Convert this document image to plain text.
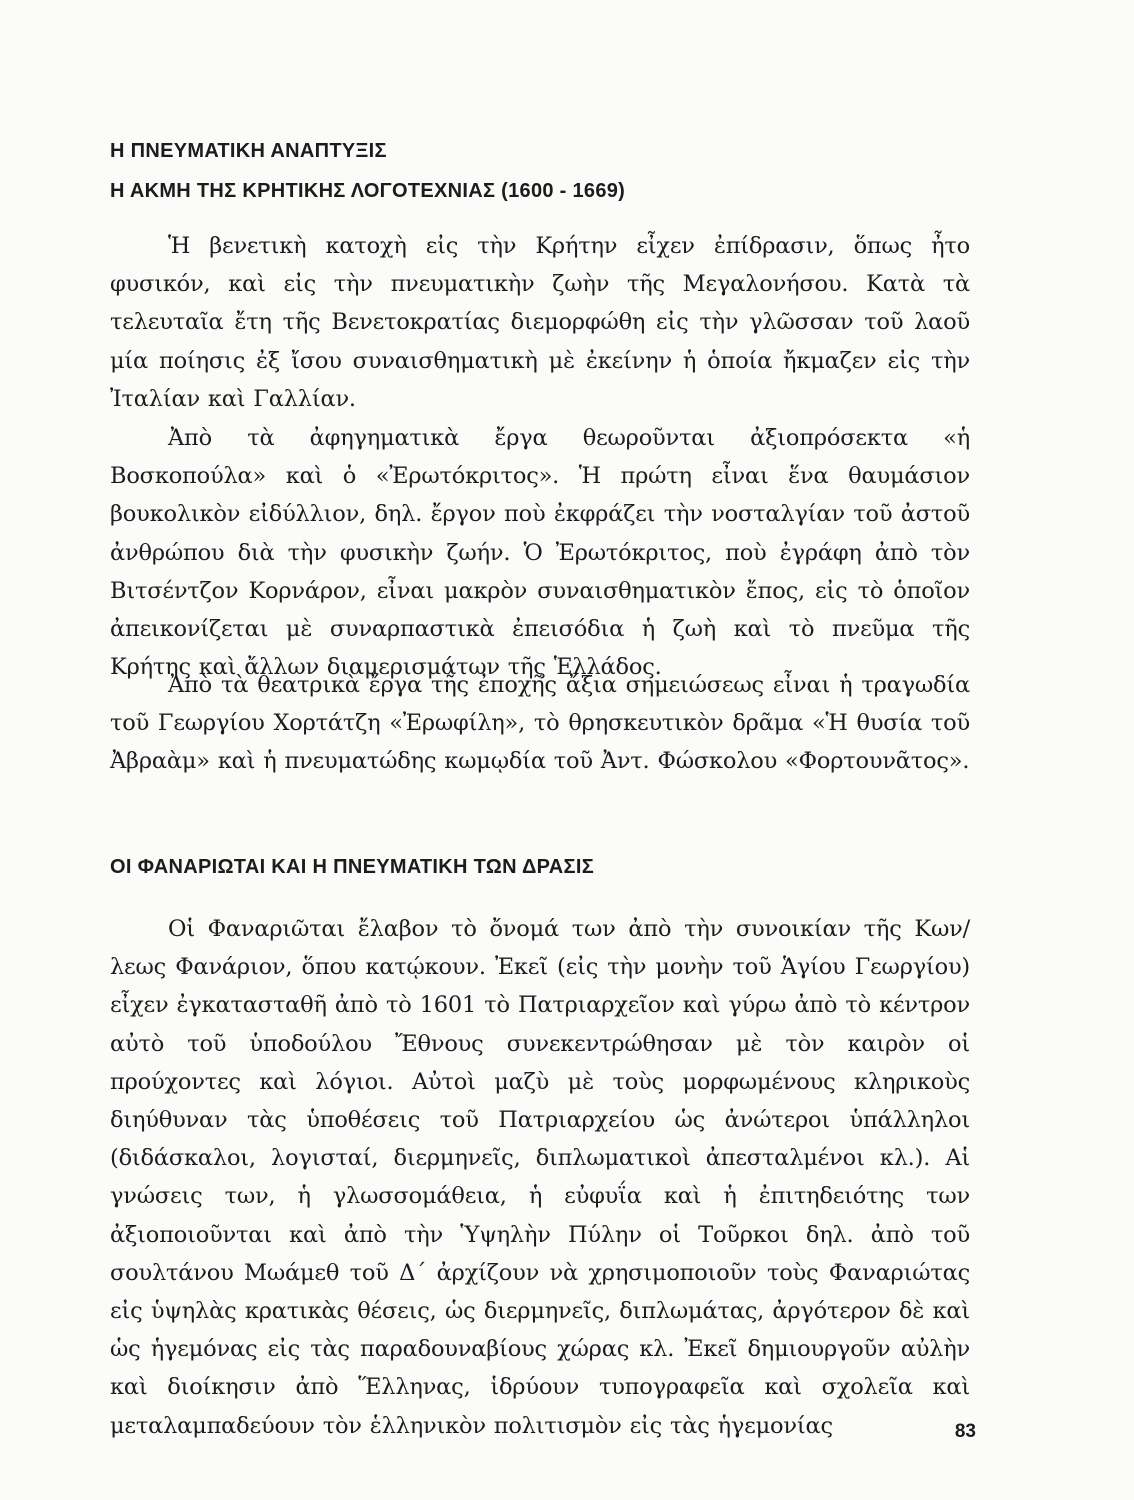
Η ΠΝΕΥΜΑΤΙΚΗ ΑΝΑΠΤΥΞΙΣ
Η ΑΚΜΗ ΤΗΣ ΚΡΗΤΙΚΗΣ ΛΟΓΟΤΕΧΝΙΑΣ (1600 - 1669)

Ἡ βενετικὴ κατοχὴ εἰς τὴν Κρήτην εἶχεν ἐπίδρασιν, ὅπως ἦτο φυσικόν, καὶ εἰς τὴν πνευματικὴν ζωὴν τῆς Μεγαλονήσου. Κατὰ τὰ τελευταῖα ἔτη τῆς Βενετοκρατίας διεμορφώθη εἰς τὴν γλῶσσαν τοῦ λαοῦ μία ποίησις ἐξ ἴσου συναισθηματικὴ μὲ ἐκείνην ἡ ὁποία ἤκμαζεν εἰς τὴν Ἰταλίαν καὶ Γαλλίαν.

Ἀπὸ τὰ ἀφηγηματικὰ ἔργα θεωροῦνται ἀξιοπρόσεκτα «ἡ Βοσκοπούλα» καὶ ὁ «Ἐρωτόκριτος». Ἡ πρώτη εἶναι ἕνα θαυμάσιον βουκολικὸν εἰδύλλιον, δηλ. ἔργον ποὺ ἐκφράζει τὴν νοσταλγίαν τοῦ ἀστοῦ ἀνθρώπου διὰ τὴν φυσικὴν ζωήν. Ὁ Ἐρωτόκριτος, ποὺ ἐγράφη ἀπὸ τὸν Βιτσέντζον Κορνάρον, εἶναι μακρὸν συναισθηματικὸν ἔπος, εἰς τὸ ὁποῖον ἀπεικονίζεται μὲ συναρπαστικὰ ἐπεισόδια ἡ ζωὴ καὶ τὸ πνεῦμα τῆς Κρήτης καὶ ἄλλων διαμερισμάτων τῆς Ἑλλάδος.

Ἀπὸ τὰ θεατρικὰ ἔργα τῆς ἐποχῆς ἄξια σημειώσεως εἶναι ἡ τραγωδία τοῦ Γεωργίου Χορτάτζη «Ἐρωφίλη», τὸ θρησκευτικὸν δρᾶμα «Ἡ θυσία τοῦ Ἀβραὰμ» καὶ ἡ πνευματώδης κωμῳδία τοῦ Ἀντ. Φώσκολου «Φορτουνᾶτος».

ΟΙ ΦΑΝΑΡΙΩΤΑΙ ΚΑΙ Η ΠΝΕΥΜΑΤΙΚΗ ΤΩΝ ΔΡΑΣΙΣ

Οἱ Φαναριῶται ἔλαβον τὸ ὄνομά των ἀπὸ τὴν συνοικίαν τῆς Κων/λεως Φανάριον, ὅπου κατῴκουν. Ἐκεῖ (εἰς τὴν μονὴν τοῦ Ἁγίου Γεωργίου) εἶχεν ἐγκατασταθῆ ἀπὸ τὸ 1601 τὸ Πατριαρχεῖον καὶ γύρω ἀπὸ τὸ κέντρον αὐτὸ τοῦ ὑποδούλου Ἔθνους συνεκεντρώθησαν μὲ τὸν καιρὸν οἱ πρoύχοντες καὶ λόγιοι. Αὐτοὶ μαζὺ μὲ τοὺς μορφωμένους κληρικοὺς διηύθυναν τὰς ὑποθέσεις τοῦ Πατριαρχείου ὡς ἀνώτεροι ὑπάλληλοι (διδάσκαλοι, λογισταί, διερμηνεῖς, διπλωματικοὶ ἀπεσταλμένοι κλ.). Αἱ γνώσεις των, ἡ γλωσσομάθεια, ἡ εὐφυΐα καὶ ἡ ἐπιτηδειότης των ἀξιοποιοῦνται καὶ ἀπὸ τὴν Ὑψηλὴν Πύλην οἱ Τοῦρκοι δηλ. ἀπὸ τοῦ σουλτάνου Μωάμεθ τοῦ Δ΄ ἀρχίζουν νὰ χρησιμοποιοῦν τοὺς Φαναριώτας εἰς ὑψηλὰς κρατικὰς θέσεις, ὡς διερμηνεῖς, διπλωμάτας, ἀργότερον δὲ καὶ ὡς ἡγεμόνας εἰς τὰς παραδουναβίους χώρας κλ. Ἐκεῖ δημιουργοῦν αὐλὴν καὶ διοίκησιν ἀπὸ Ἕλληνας, ἱδρύουν τυπογραφεῖα καὶ σχολεῖα καὶ μεταλαμπαδεύουν τὸν ἑλληνικὸν πολιτισμὸν εἰς τὰς ἡγεμονίας	83
